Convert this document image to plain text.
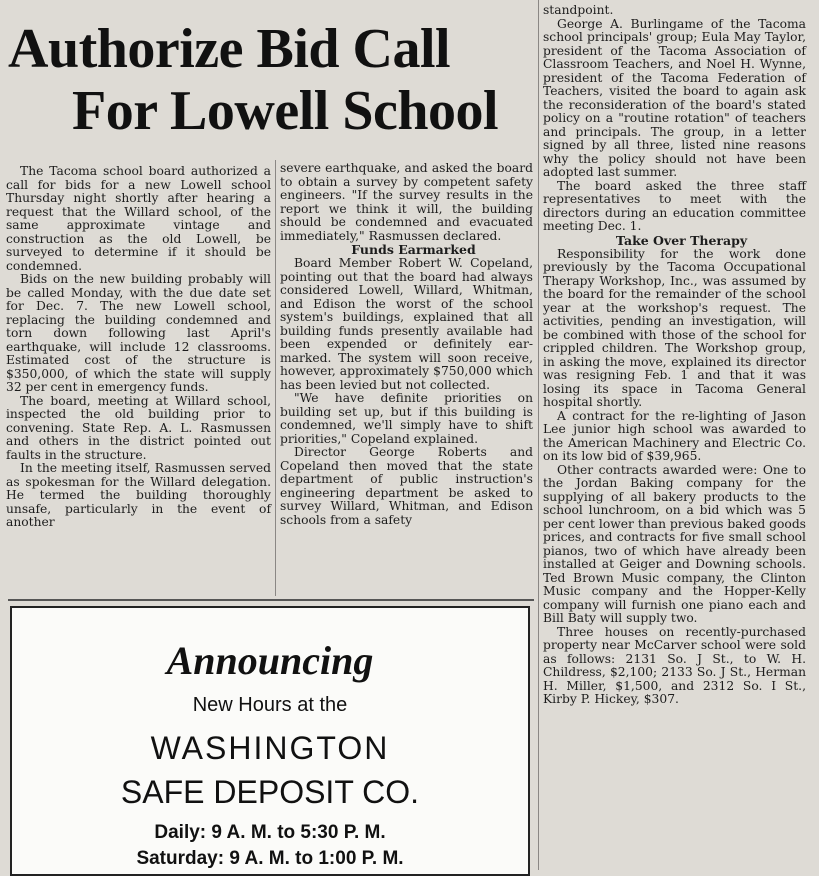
Authorize Bid Call
For Lowell School

The Tacoma school board authorized a call for bids for a new Lowell school Thursday night shortly after hearing a request that the Willard school, of the same approximate vintage and construction as the old Lowell, be surveyed to determine if it should be condemned.

Bids on the new building probably will be called Monday, with the due date set for Dec. 7. The new Lowell school, replacing the building condemned and torn down following last April's earthquake, will include 12 classrooms. Estimated cost of the structure is $350,000, of which the state will supply 32 per cent in emergency funds.

The board, meeting at Willard school, inspected the old building prior to convening. State Rep. A. L. Rasmussen and others in the district pointed out faults in the structure.

In the meeting itself, Rasmussen served as spokesman for the Willard delegation. He termed the building thoroughly unsafe, particularly in the event of another

severe earthquake, and asked the board to obtain a survey by competent safety engineers. "If the survey results in the report we think it will, the building should be condemned and evacuated immediately," Rasmussen declared.

Funds Earmarked

Board Member Robert W. Copeland, pointing out that the board had always considered Lowell, Willard, Whitman, and Edison the worst of the school system's buildings, explained that all building funds presently available had been expended or definitely ear-marked. The system will soon receive, however, approximately $750,000 which has been levied but not collected.

"We have definite priorities on building set up, but if this building is condemned, we'll simply have to shift priorities," Copeland explained.

Director George Roberts and Copeland then moved that the state department of public instruction's engineering department be asked to survey Willard, Whitman, and Edison schools from a safety

standpoint.

George A. Burlingame of the Tacoma school principals' group; Eula May Taylor, president of the Tacoma Association of Classroom Teachers, and Noel H. Wynne, president of the Tacoma Federation of Teachers, visited the board to again ask the reconsideration of the board's stated policy on a "routine rotation" of teachers and principals. The group, in a letter signed by all three, listed nine reasons why the policy should not have been adopted last summer.

The board asked the three staff representatives to meet with the directors during an education committee meeting Dec. 1.

Take Over Therapy

Responsibility for the work done previously by the Tacoma Occupational Therapy Workshop, Inc., was assumed by the board for the remainder of the school year at the workshop's request. The activities, pending an investigation, will be combined with those of the school for crippled children. The Workshop group, in asking the move, explained its director was resigning Feb. 1 and that it was losing its space in Tacoma General hospital shortly.

A contract for the re-lighting of Jason Lee junior high school was awarded to the American Machinery and Electric Co. on its low bid of $39,965.

Other contracts awarded were: One to the Jordan Baking company for the supplying of all bakery products to the school lunchroom, on a bid which was 5 per cent lower than previous baked goods prices, and contracts for five small school pianos, two of which have already been installed at Geiger and Downing schools. Ted Brown Music company, the Clinton Music company and the Hopper-Kelly company will furnish one piano each and Bill Baty will supply two.

Three houses on recently-purchased property near McCarver school were sold as follows: 2131 So. J St., to W. H. Childress, $2,100; 2133 So. J St., Herman H. Miller, $1,500, and 2312 So. I St., Kirby P. Hickey, $307.

Announcing
New Hours at the
WASHINGTON
SAFE DEPOSIT CO.
Daily: 9 A. M. to 5:30 P. M.
Saturday: 9 A. M. to 1:00 P. M.
